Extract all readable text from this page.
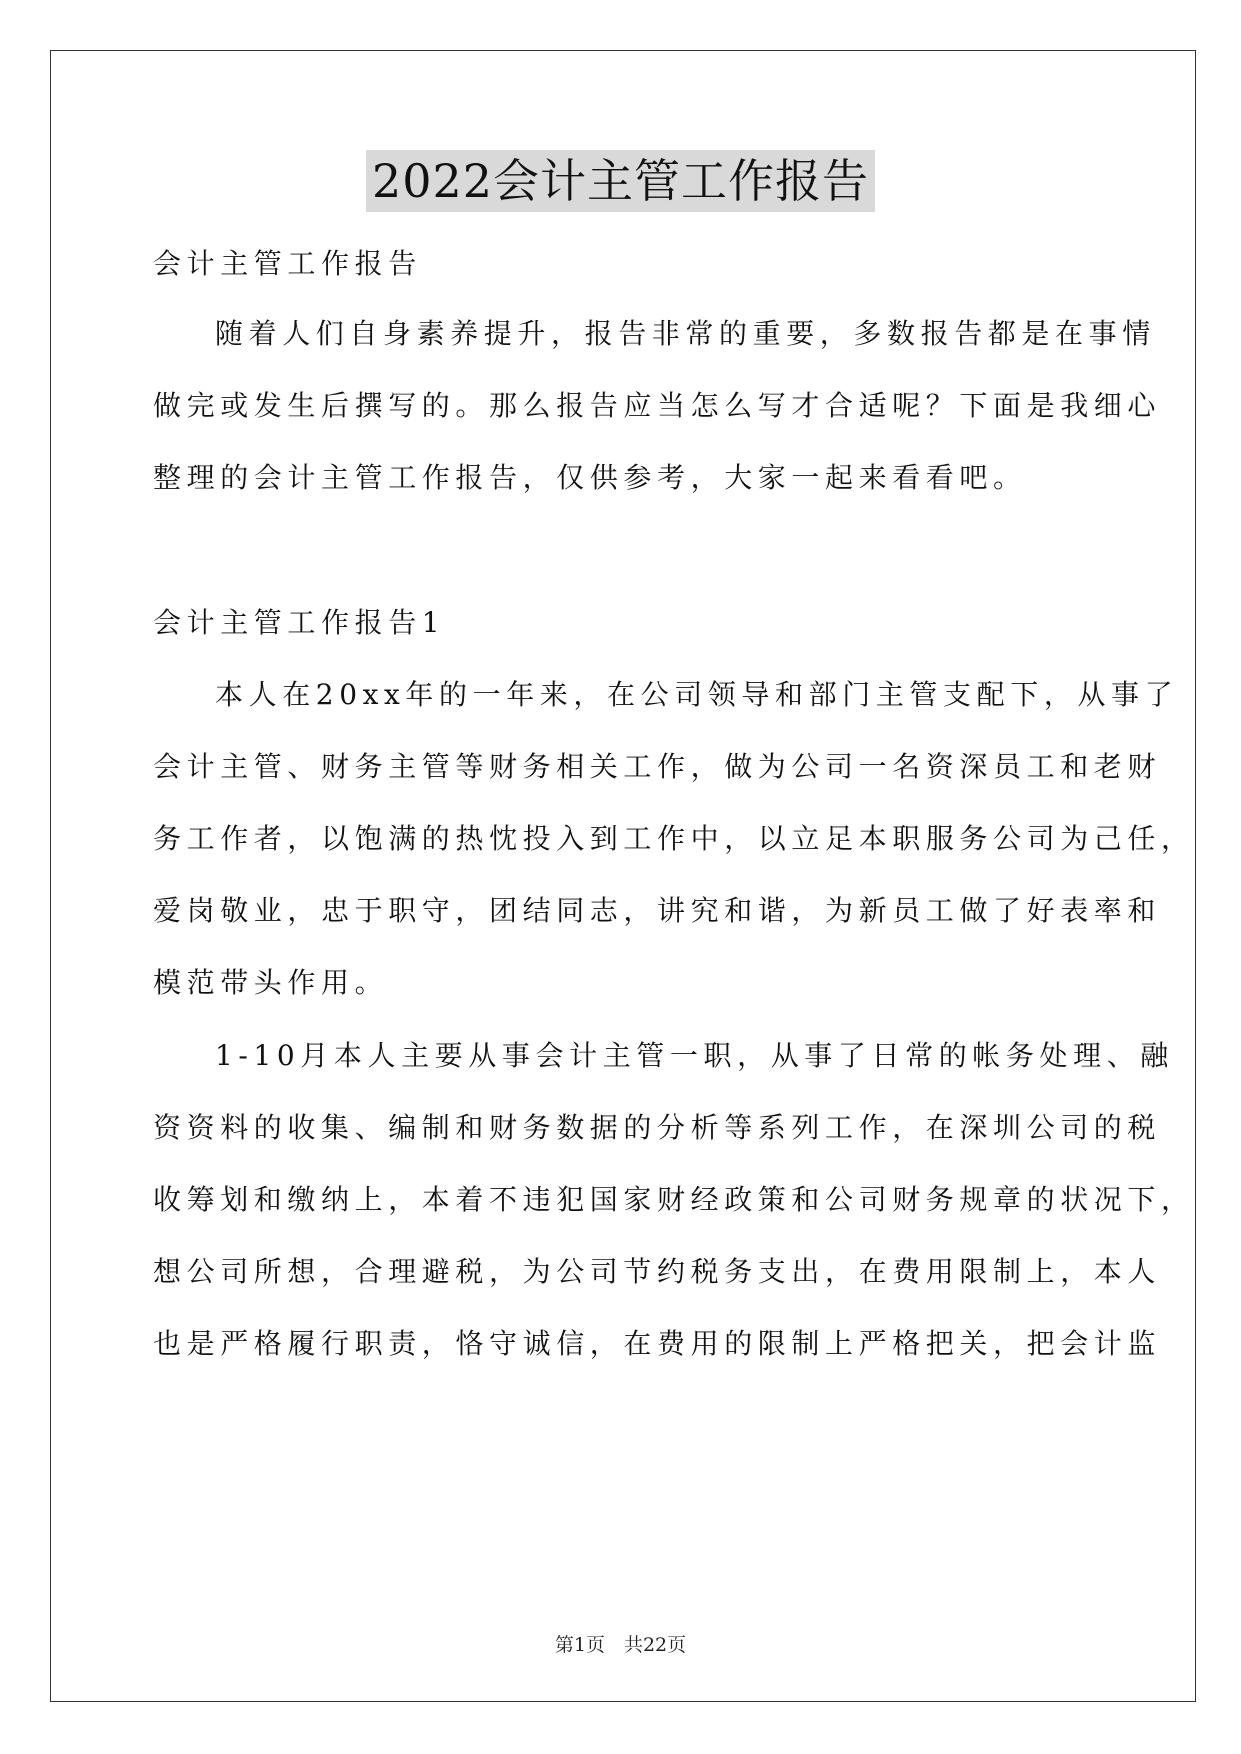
2022会计主管工作报告
会计主管工作报告
随着人们自身素养提升，报告非常的重要，多数报告都是在事情
做完或发生后撰写的。那么报告应当怎么写才合适呢？下面是我细心
整理的会计主管工作报告，仅供参考，大家一起来看看吧。
会计主管工作报告1
本人在20xx年的一年来，在公司领导和部门主管支配下，从事了
会计主管、财务主管等财务相关工作，做为公司一名资深员工和老财
务工作者，以饱满的热忱投入到工作中，以立足本职服务公司为己任，
爱岗敬业，忠于职守，团结同志，讲究和谐，为新员工做了好表率和
模范带头作用。
1-10月本人主要从事会计主管一职，从事了日常的帐务处理、融
资资料的收集、编制和财务数据的分析等系列工作，在深圳公司的税
收筹划和缴纳上，本着不违犯国家财经政策和公司财务规章的状况下，
想公司所想，合理避税，为公司节约税务支出，在费用限制上，本人
也是严格履行职责，恪守诚信，在费用的限制上严格把关，把会计监
第1页　共22页
